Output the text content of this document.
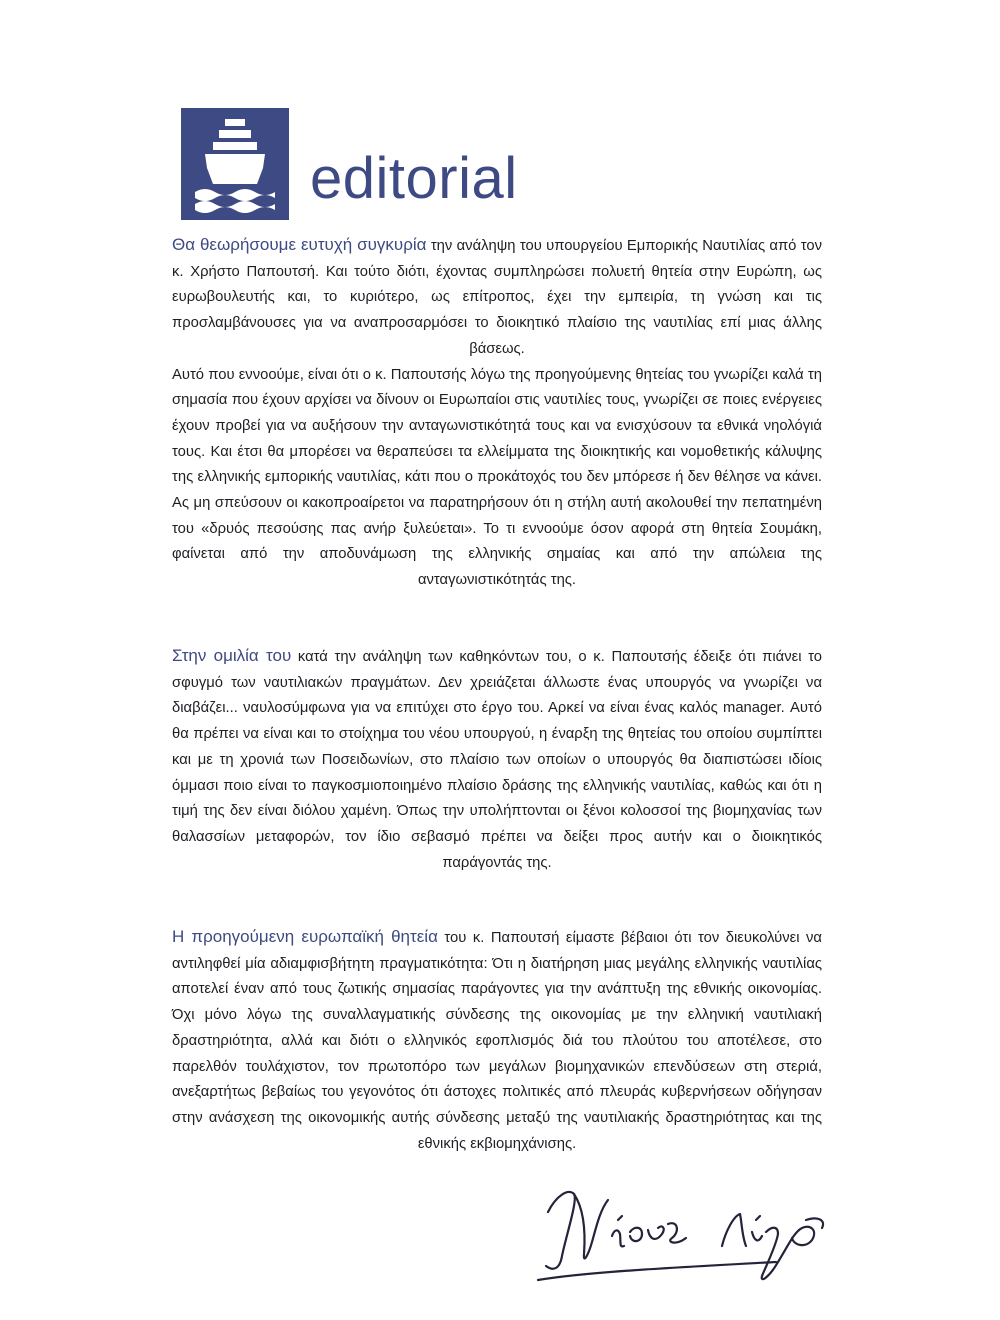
editorial

Θα θεωρήσουμε ευτυχή συγκυρία την ανάληψη του υπουργείου Εμπορικής Ναυτιλίας από τον κ. Χρήστο Παπουτσή. Και τούτο διότι, έχοντας συμπληρώσει πολυετή θητεία στην Ευρώπη, ως ευρωβουλευτής και, το κυριότερο, ως επίτροπος, έχει την εμπειρία, τη γνώση και τις προσλαμβάνουσες για να αναπροσαρμόσει το διοικητικό πλαίσιο της ναυτιλίας επί μιας άλλης βάσεως.

Αυτό που εννοούμε, είναι ότι ο κ. Παπουτσής λόγω της προηγούμενης θητείας του γνωρίζει καλά τη σημασία που έχουν αρχίσει να δίνουν οι Ευρωπαίοι στις ναυτιλίες τους, γνωρίζει σε ποιες ενέργειες έχουν προβεί για να αυξήσουν την ανταγωνιστικότητά τους και να ενισχύσουν τα εθνικά νηολόγιά τους. Και έτσι θα μπορέσει να θεραπεύσει τα ελλείμματα της διοικητικής και νομοθετικής κάλυψης της ελληνικής εμπορικής ναυτιλίας, κάτι που ο προκάτοχός του δεν μπόρεσε ή δεν θέλησε να κάνει. Ας μη σπεύσουν οι κακοπροαίρετοι να παρατηρήσουν ότι η στήλη αυτή ακολουθεί την πεπατημένη του «δρυός πεσούσης πας ανήρ ξυλεύεται». Το τι εννοούμε όσον αφορά στη θητεία Σουμάκη, φαίνεται από την αποδυνάμωση της ελληνικής σημαίας και από την απώλεια της ανταγωνιστικότητάς της.

Στην ομιλία του κατά την ανάληψη των καθηκόντων του, ο κ. Παπουτσής έδειξε ότι πιάνει το σφυγμό των ναυτιλιακών πραγμάτων. Δεν χρειάζεται άλλωστε ένας υπουργός να γνωρίζει να διαβάζει... ναυλοσύμφωνα για να επιτύχει στο έργο του. Αρκεί να είναι ένας καλός manager. Αυτό θα πρέπει να είναι και το στοίχημα του νέου υπουργού, η έναρξη της θητείας του οποίου συμπίπτει και με τη χρονιά των Ποσειδωνίων, στο πλαίσιο των οποίων ο υπουργός θα διαπιστώσει ιδίοις όμμασι ποιο είναι το παγκοσμιοποιημένο πλαίσιο δράσης της ελληνικής ναυτιλίας, καθώς και ότι η τιμή της δεν είναι διόλου χαμένη. Όπως την υπολήπτονται οι ξένοι κολοσσοί της βιομηχανίας των θαλασσίων μεταφορών, τον ίδιο σεβασμό πρέπει να δείξει προς αυτήν και ο διοικητικός παράγοντάς της.

Η προηγούμενη ευρωπαϊκή θητεία του κ. Παπουτσή είμαστε βέβαιοι ότι τον διευκολύνει να αντιληφθεί μία αδιαμφισβήτητη πραγματικότητα: Ότι η διατήρηση μιας μεγάλης ελληνικής ναυτιλίας αποτελεί έναν από τους ζωτικής σημασίας παράγοντες για την ανάπτυξη της εθνικής οικονομίας. Όχι μόνο λόγω της συναλλαγματικής σύνδεσης της οικονομίας με την ελληνική ναυτιλιακή δραστηριότητα, αλλά και διότι ο ελληνικός εφοπλισμός διά του πλούτου του αποτέλεσε, στο παρελθόν τουλάχιστον, τον πρωτοπόρο των μεγάλων βιομηχανικών επενδύσεων στη στεριά, ανεξαρτήτως βεβαίως του γεγονότος ότι άστοχες πολιτικές από πλευράς κυβερνήσεων οδήγησαν στην ανάσχεση της οικονομικής αυτής σύνδεσης μεταξύ της ναυτιλιακής δραστηριότητας και της εθνικής εκβιομηχάνισης.
